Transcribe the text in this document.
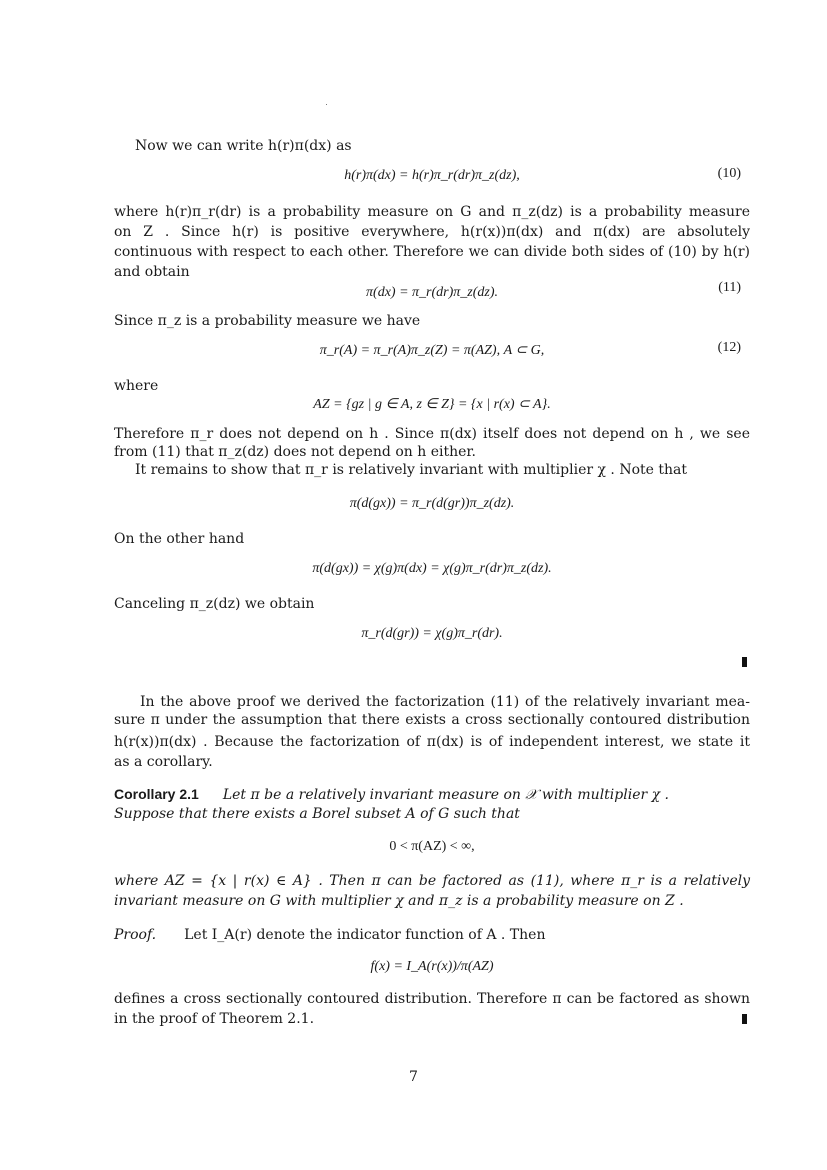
Now we can write h(r)π(dx) as
h(r)π(dx) = h(r)π_r(dr)π_z(dz),	(10)
where h(r)π_r(dr) is a probability measure on G and π_z(dz) is a probability measure
on Z . Since h(r) is positive everywhere, h(r(x))π(dx) and π(dx) are absolutely
continuous with respect to each other. Therefore we can divide both sides of (10) by h(r)
and obtain
π(dx) = π_r(dr)π_z(dz).	(11)
Since π_z is a probability measure we have
π_r(A) = π_r(A)π_z(Z) = π(AZ), A ⊂ G,	(12)
where
AZ = {gz | g ∈ A, z ∈ Z} = {x | r(x) ⊂ A}.
Therefore π_r does not depend on h . Since π(dx) itself does not depend on h , we see
from (11) that π_z(dz) does not depend on h either.
It remains to show that π_r is relatively invariant with multiplier χ . Note that
π(d(gx)) = π_r(d(gr))π_z(dz).
On the other hand
π(d(gx)) = χ(g)π(dx) = χ(g)π_r(dr)π_z(dz).
Canceling π_z(dz) we obtain
π_r(d(gr)) = χ(g)π_r(dr).
In the above proof we derived the factorization (11) of the relatively invariant mea-
sure π under the assumption that there exists a cross sectionally contoured distribution
h(r(x))π(dx) . Because the factorization of π(dx) is of independent interest, we state it
as a corollary.
Corollary 2.1 Let π be a relatively invariant measure on 𝒳 with multiplier χ .
Suppose that there exists a Borel subset A of G such that
0 < π(AZ) < ∞,
where AZ = {x | r(x) ∈ A} . Then π can be factored as (11), where π_r is a relatively
invariant measure on G with multiplier χ and π_z is a probability measure on Z .
Proof. Let I_A(r) denote the indicator function of A . Then
f(x) = I_A(r(x))/π(AZ)
defines a cross sectionally contoured distribution. Therefore π can be factored as shown
in the proof of Theorem 2.1.
7
